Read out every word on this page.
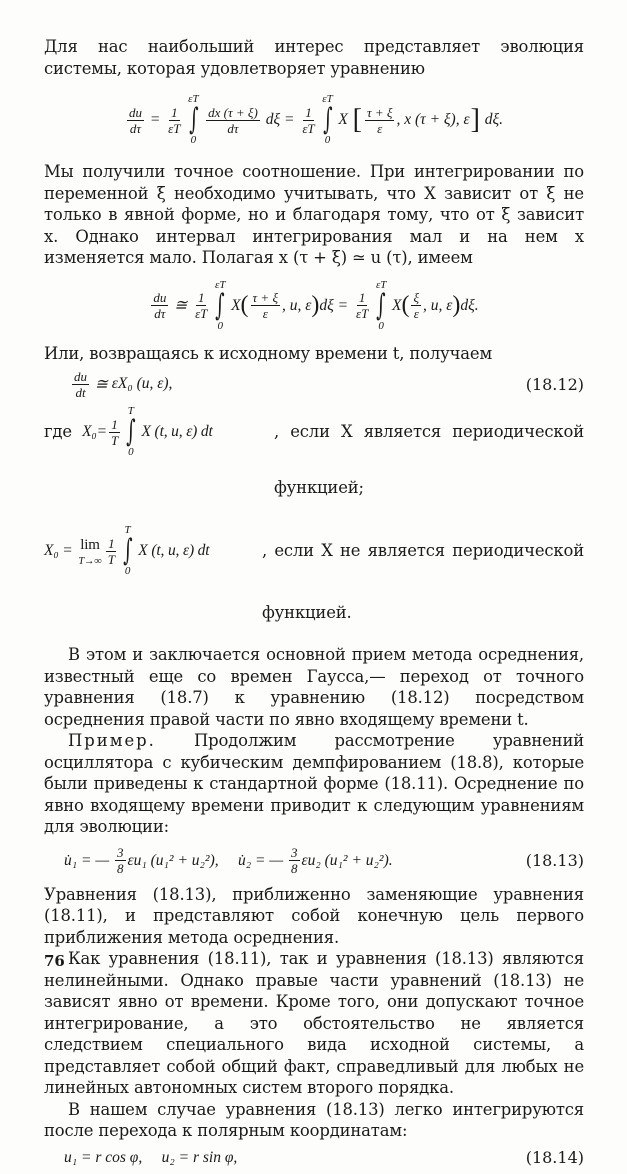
Для нас наибольший интерес представляет эволюция системы, которая удовлетворяет уравнению

$\frac{du}{d\tau} = \frac{1}{\varepsilon T}$
εT
∫
0
$\frac{dx (\tau + \xi)}{d\tau}$
$d\xi = \frac{1}{\varepsilon T}$
εT
∫
0
X [ $\frac{\tau + \xi}{\varepsilon}$ , x (τ + ξ), ε ]
dξ .

Мы получили точное соотношение. При интегрировании по переменной ξ необходимо учитывать, что X зависит от ξ не только в явной форме, но и благодаря тому, что от ξ зависит x. Однако интервал интегрирования мал и на нем x изменяется мало. Полагая x (τ + ξ) ≃ u (τ), имеем

$\frac{du}{d\tau}$ ≅ $\frac{1}{\varepsilon T}$
εT
∫
0
X ( $\frac{\tau + \xi}{\varepsilon}$ , u, ε ) $d\xi = \frac{1}{\varepsilon T}$
εT
∫
0
X ( $\frac{\xi}{\varepsilon}$ , u, ε ) dξ .

Или, возвращаясь к исходному времени t, получаем

$\frac{du}{dt}$ ≅ εX₀ (u, ε),	(18.12)
где
$X_0 = \frac{1}{T}$
T
∫
0
X (t, u, ε) dt	, если X является периодической функцией;

X₀ = lim
$T\to\infty \frac{1}{T}$
T
∫
0
X (t, u, ε) dt	, если X не является периодической функцией.

В этом и заключается основной прием метода осреднения, известный еще со времен Гаусса,— переход от точного уравнения (18.7) к уравнению (18.12) посредством осреднения правой части по явно входящему времени t.

Пример. Продолжим рассмотрение уравнений осциллятора с кубическим демпфированием (18.8), которые были приведены к стандартной форме (18.11). Осреднение по явно входящему времени приводит к следующим уравнениям для эволюции:

u̇₁ = — $\frac{3}{8} \varepsilon u_1$ (u₁² + u₂²),
u̇₂ = — $\frac{3}{8} \varepsilon u_2$ (u₁² + u₂²).	(18.13)

Уравнения (18.13), приближенно заменяющие уравнения (18.11), и представляют собой конечную цель первого приближения метода осреднения.

Как уравнения (18.11), так и уравнения (18.13) являются нелинейными. Однако правые части уравнений (18.13) не зависят явно от времени. Кроме того, они допускают точное интегрирование, а это обстоятельство не является следствием специального вида исходной системы, а представляет собой общий факт, справедливый для любых не линейных автономных систем второго порядка.

В нашем случае уравнения (18.13) легко интегрируются после перехода к полярным координатам:

u₁ = r cos φ,
u₂ = r sin φ,	(18.14)
76
